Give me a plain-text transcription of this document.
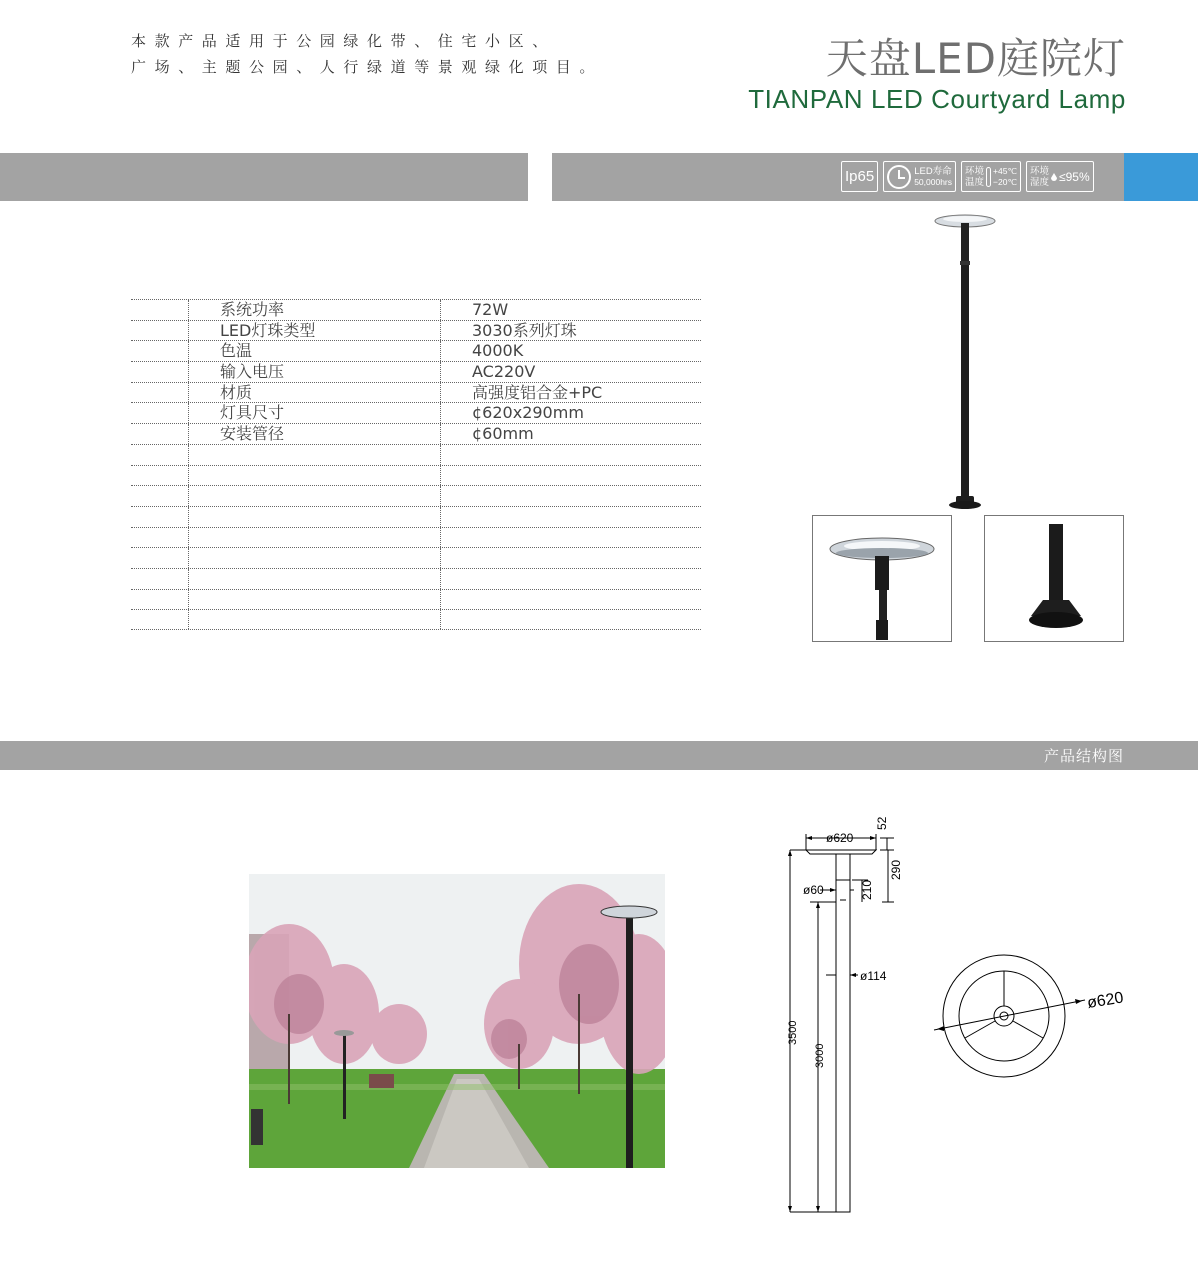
本款产品适用于公园绿化带、住宅小区、
广场、主题公园、人行绿道等景观绿化项目。	天盘LED庭院灯
TIANPAN LED Courtyard Lamp
Ip65	LED寿命
50,000hrs
环境
温度
+45℃
−20℃
环境
湿度 ≤95%
系统功率	72W
LED灯珠类型	3030系列灯珠
色温	4000K
输入电压	AC220V
材质	高强度铝合金+PC
灯具尺寸	¢620x290mm
安装管径	¢60mm
产品结构图
ø620
52
290
ø60	210
ø114
3500
3000
ø620
